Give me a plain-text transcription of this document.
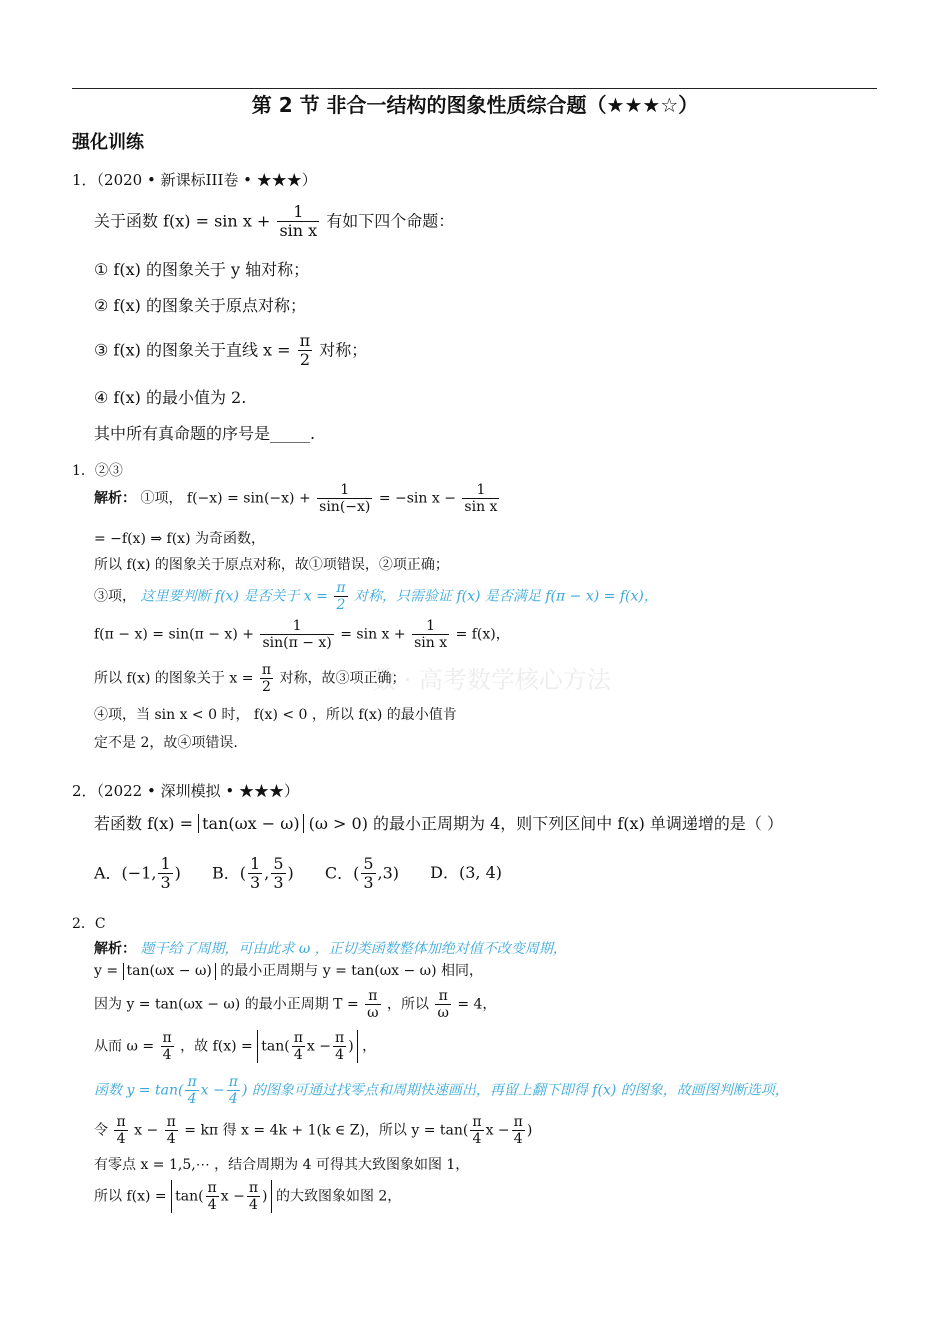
第 2 节 非合一结构的图象性质综合题（★★★☆）
强化训练
数 · 高考数学核心方法
1．（2020 • 新课标III卷 • ★★★）
关于函数 $f(x) = \sin x + \frac{1}{\text{sin x}}$ 有如下四个命题：
① f(x) 的图象关于 y 轴对称；
② f(x) 的图象关于原点对称；
③ f(x) 的图象关于直线 $x = \frac{\pi}{2}$ 对称；
④ f(x) 的最小值为 2.
其中所有真命题的序号是_____.
1．②③
解析： ①项， $f(-x) = \sin(-x) + \frac{1}{\sin(-x)} = -\sin$ $x - \frac{1}{\text{sin x}}$
= −f(x) ⇒ f(x) 为奇函数，
所以 f(x) 的图象关于原点对称，故①项错误，②项正确；
③项， 这里要判断 f(x) 是否关于 $x = \frac{\pi}{2}$ 对称，只需验证 f(x) 是否满足 f(π − x) = f(x)，
$f(\pi - x) = \sin(\pi - x) + \frac{1}{\sin(\pi - x)} = \sin x + \frac{1}{\text{sin x}} = f(x)$，
所以 f(x) 的图象关于 $x = \frac{\pi}{2}$ 对称，故③项正确；
④项，当 sin x < 0 时， f(x) < 0 ，所以 f(x) 的最小值肯
定不是 2，故④项错误.
2．（2022 • 深圳模拟 • ★★★）
若函数 f(x) = tan(ωx − ω) (ω > 0) 的最小正周期为 4，则下列区间中 f(x) 单调递增的是（ ）
A．(−1, $\frac{1}{3}$ ) B．( $\frac{1}{3}$ , $\frac{5}{3}$ ) C．( $\frac{5}{3} ,3$) D．(3, 4)
2．C
解析： 题干给了周期，可由此求 ω ，正切类函数整体加绝对值不改变周期，
y = tan(ωx − ω) 的最小正周期与 y = tan(ωx − ω) 相同，
因为 y = tan(ωx − ω) 的最小正周期 $T = \frac{\pi}{\omega}$ ，所以 $\frac{\pi}{\omega} = 4$，
从而 $\omega = \frac{\pi}{4}$ ，故 $f(x) = \tan( \frac{\pi}{4}$ $x - \frac{\pi}{4}$ ) ，
函数 $y = \tan( \frac{\pi}{4}$ $x - \frac{\pi}{4}$ ) 的图象可通过找零点和周期快速画出，再留上翻下即得 f(x) 的图象，故画图判断选项，
令 $\frac{\pi}{4}$ $x - \frac{\pi}{4} = k\pi$ 得 x = 4k + 1(k ∈ Z)，所以 $y = \tan( \frac{\pi}{4}$ $x - \frac{\pi}{4}$ )
有零点 x = 1,5,⋯ ，结合周期为 4 可得其大致图象如图 1，
所以 $f(x) = \tan( \frac{\pi}{4}$ $x - \frac{\pi}{4}$ ) 的大致图象如图 2，
